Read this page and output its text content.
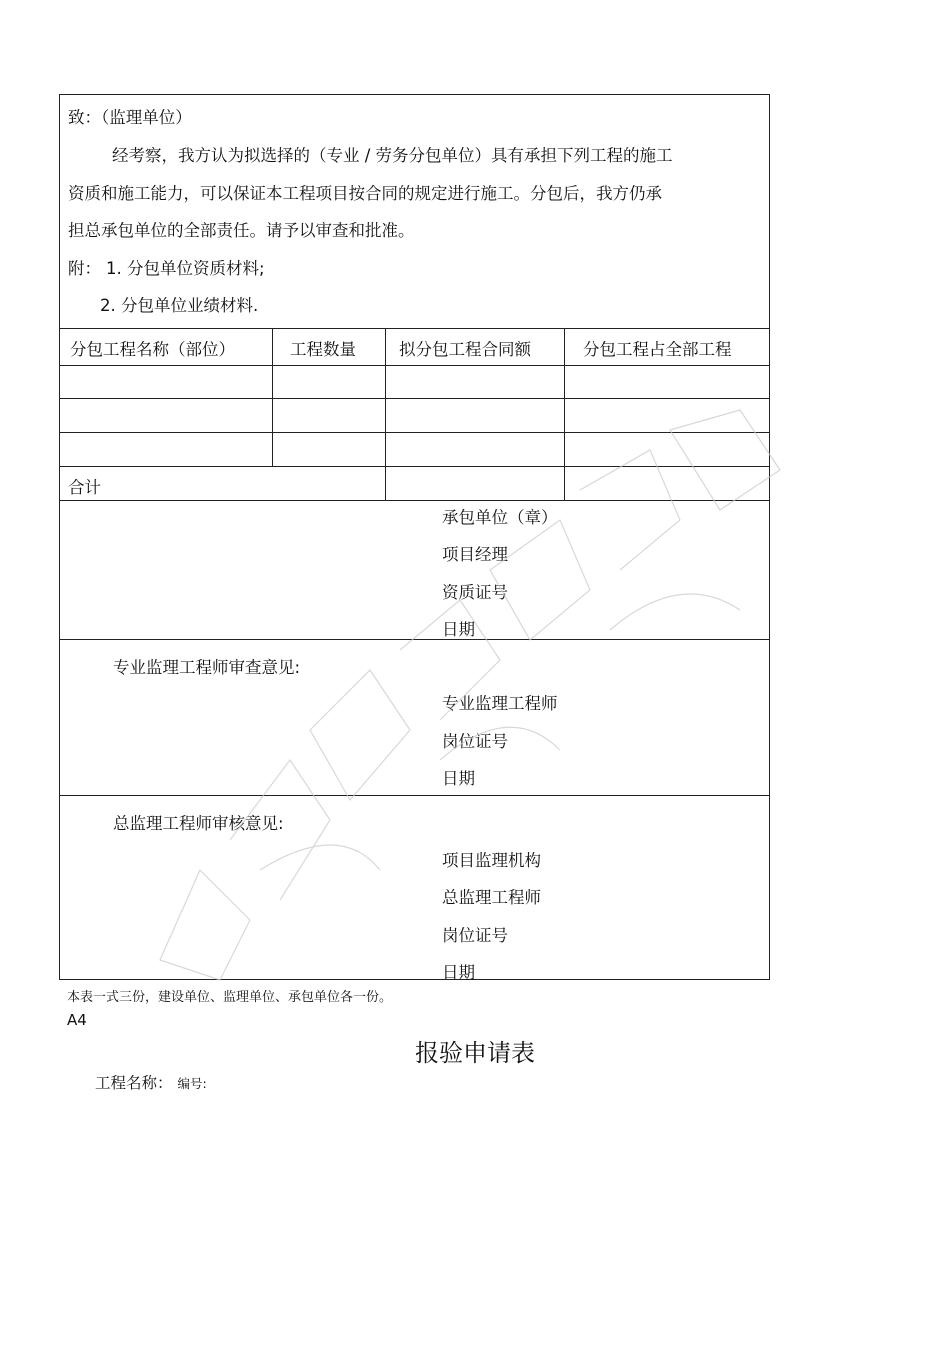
致：（监理单位）
经考察，我方认为拟选择的（专业 / 劳务分包单位）具有承担下列工程的施工
资质和施工能力，可以保证本工程项目按合同的规定进行施工。分包后，我方仍承
担总承包单位的全部责任。请予以审查和批准。
附： 1. 分包单位资质材料;
2. 分包单位业绩材料.
分包工程名称（部位）	工程数量	拟分包工程合同额	分包工程占全部工程
合计
承包单位（章）
项目经理
资质证号
日期
专业监理工程师审查意见:
专业监理工程师
岗位证号
日期
总监理工程师审核意见:
项目监理机构
总监理工程师
岗位证号
日期
本表一式三份，建设单位、监理单位、承包单位各一份。
A4
报验申请表
工程名称： 编号:
